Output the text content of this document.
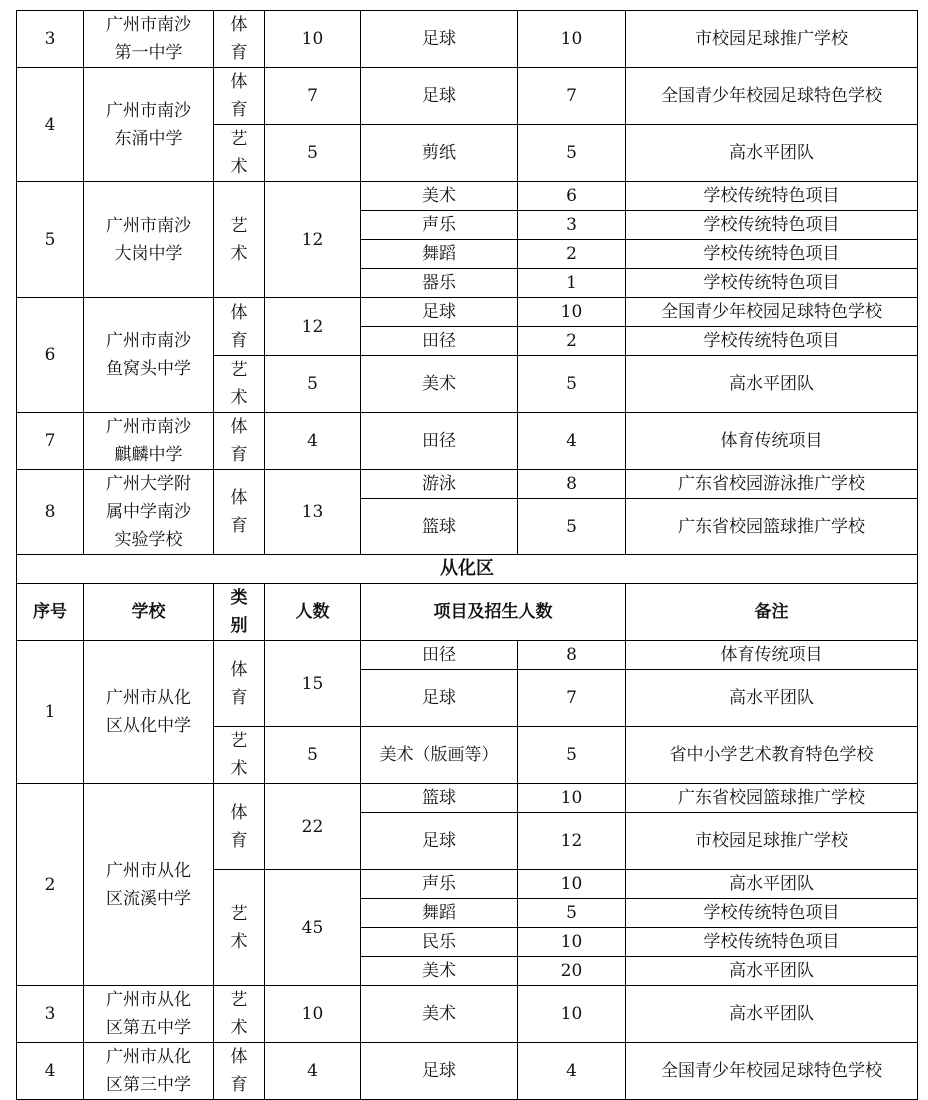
3	广州市南沙
第一中学	体
育	10	足球	10	市校园足球推广学校
4	广州市南沙
东涌中学	体
育	7	足球	7	全国青少年校园足球特色学校

		艺
术	5	剪纸	5	高水平团队
5	广州市南沙
大岗中学	艺
术	12	美术	6	学校传统特色项目
				声乐	3	学校传统特色项目
				舞蹈	2	学校传统特色项目
				器乐	1	学校传统特色项目
6	广州市南沙
鱼窝头中学	体
育	12	足球	10	全国青少年校园足球特色学校
				田径	2	学校传统特色项目

		艺
术	5	美术	5	高水平团队
7	广州市南沙
麒麟中学	体
育	4	田径	4	体育传统项目
8	广州大学附
属中学南沙
实验学校	体
育	13	游泳	8	广东省校园游泳推广学校
				篮球	5	广东省校园篮球推广学校
从化区						
序号	学校	类
别	人数	项目及招生人数		备注
1	广州市从化
区从化中学	体
育	15	田径	8	体育传统项目
				足球	7	高水平团队

		艺
术	5	美术（版画等）	5	省中小学艺术教育特色学校
2	广州市从化
区流溪中学	体
育	22	篮球	10	广东省校园篮球推广学校
				足球	12	市校园足球推广学校

		艺
术	45	声乐	10	高水平团队
				舞蹈	5	学校传统特色项目
				民乐	10	学校传统特色项目
				美术	20	高水平团队
3	广州市从化
区第五中学	艺
术	10	美术	10	高水平团队
4	广州市从化
区第三中学	体
育	4	足球	4	全国青少年校园足球特色学校
